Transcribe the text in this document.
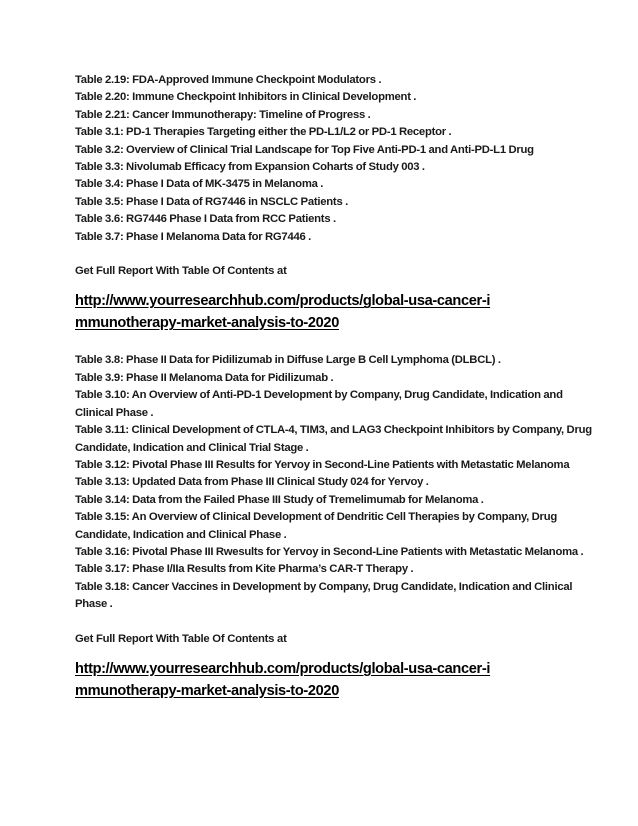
Table 2.19: FDA-Approved Immune Checkpoint Modulators .
Table 2.20: Immune Checkpoint Inhibitors in Clinical Development .
Table 2.21: Cancer Immunotherapy: Timeline of Progress .
Table 3.1: PD-1 Therapies Targeting either the PD-L1/L2 or PD-1 Receptor .
Table 3.2: Overview of Clinical Trial Landscape for Top Five Anti-PD-1 and Anti-PD-L1 Drug
Table 3.3: Nivolumab Efficacy from Expansion Coharts of Study 003 .
Table 3.4: Phase I Data of MK-3475 in Melanoma .
Table 3.5: Phase I Data of RG7446 in NSCLC Patients .
Table 3.6: RG7446 Phase I Data from RCC Patients .
Table 3.7: Phase I Melanoma Data for RG7446 .

Get Full Report With Table Of Contents at

http://www.yourresearchhub.com/products/global-usa-cancer-immunotherapy-market-analysis-to-2020
Table 3.8: Phase II Data for Pidilizumab in Diffuse Large B Cell Lymphoma (DLBCL) .
Table 3.9: Phase II Melanoma Data for Pidilizumab .
Table 3.10: An Overview of Anti-PD-1 Development by Company, Drug Candidate, Indication and Clinical Phase .
Table 3.11: Clinical Development of CTLA-4, TIM3, and LAG3 Checkpoint Inhibitors by Company, Drug Candidate, Indication and Clinical Trial Stage .
Table 3.12: Pivotal Phase III Results for Yervoy in Second-Line Patients with Metastatic Melanoma
Table 3.13: Updated Data from Phase III Clinical Study 024 for Yervoy .
Table 3.14: Data from the Failed Phase III Study of Tremelimumab for Melanoma .
Table 3.15: An Overview of Clinical Development of Dendritic Cell Therapies by Company, Drug Candidate, Indication and Clinical Phase .
Table 3.16: Pivotal Phase III Rwesults for Yervoy in Second-Line Patients with Metastatic Melanoma .
Table 3.17: Phase I/IIa Results from Kite Pharma’s CAR-T Therapy .
Table 3.18: Cancer Vaccines in Development by Company, Drug Candidate, Indication and Clinical Phase .

Get Full Report With Table Of Contents at

http://www.yourresearchhub.com/products/global-usa-cancer-immunotherapy-market-analysis-to-2020
